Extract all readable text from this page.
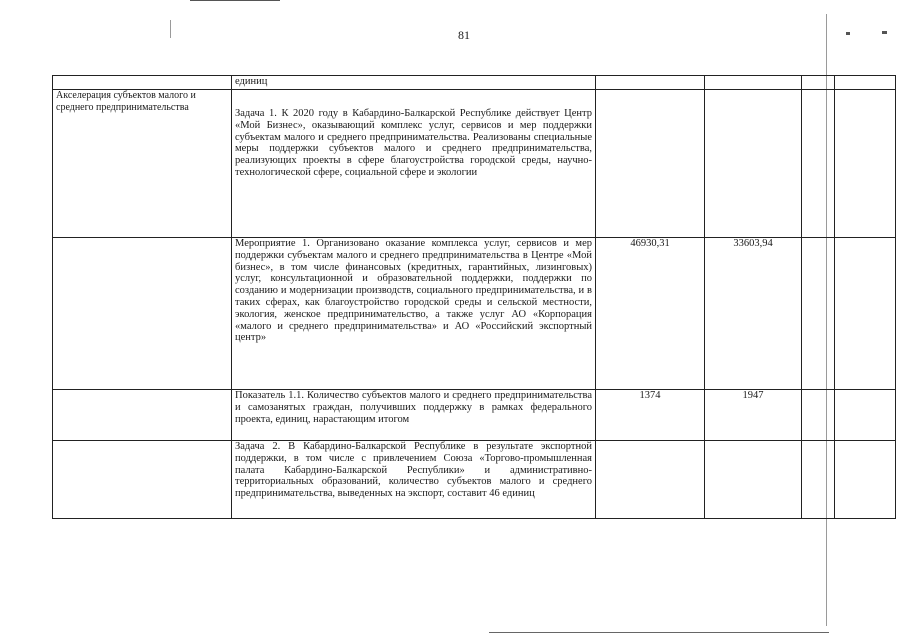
81
	единиц				
Акселерация субъектов малого и среднего предпринимательства	Задача 1. К 2020 году в Кабардино-Балкарской Республике действует Центр «Мой Бизнес», оказывающий комплекс услуг, сервисов и мер поддержки субъектам малого и среднего предпринимательства. Реализованы специальные меры поддержки субъектов малого и среднего предпринимательства, реализующих проекты в сфере благоустройства городской среды, научно-технологической сфере, социальной сфере и экологии				
	Мероприятие 1. Организовано оказание комплекса услуг, сервисов и мер поддержки субъектам малого и среднего предпринимательства в Центре «Мой бизнес», в том числе финансовых (кредитных, гарантийных, лизинговых) услуг, консультационной и образовательной поддержки, поддержки по созданию и модернизации производств, социального предпринимательства, и в таких сферах, как благоустройство городской среды и сельской местности, экология, женское предпринимательство, а также услуг АО «Корпорация «малого и среднего предпринимательства» и АО «Российский экспортный центр»	46930,31	33603,94		
	Показатель 1.1. Количество субъектов малого и среднего предпринимательства и самозанятых граждан, получивших поддержку в рамках федерального проекта, единиц, нарастающим итогом	1374	1947		
	Задача 2. В Кабардино-Балкарской Республике в результате экспортной поддержки, в том числе с привлечением Союза «Торгово-промышленная палата Кабардино-Балкарской Республики» и административно-территориальных образований, количество субъектов малого и среднего предпринимательства, выведенных на экспорт, составит 46 единиц				
